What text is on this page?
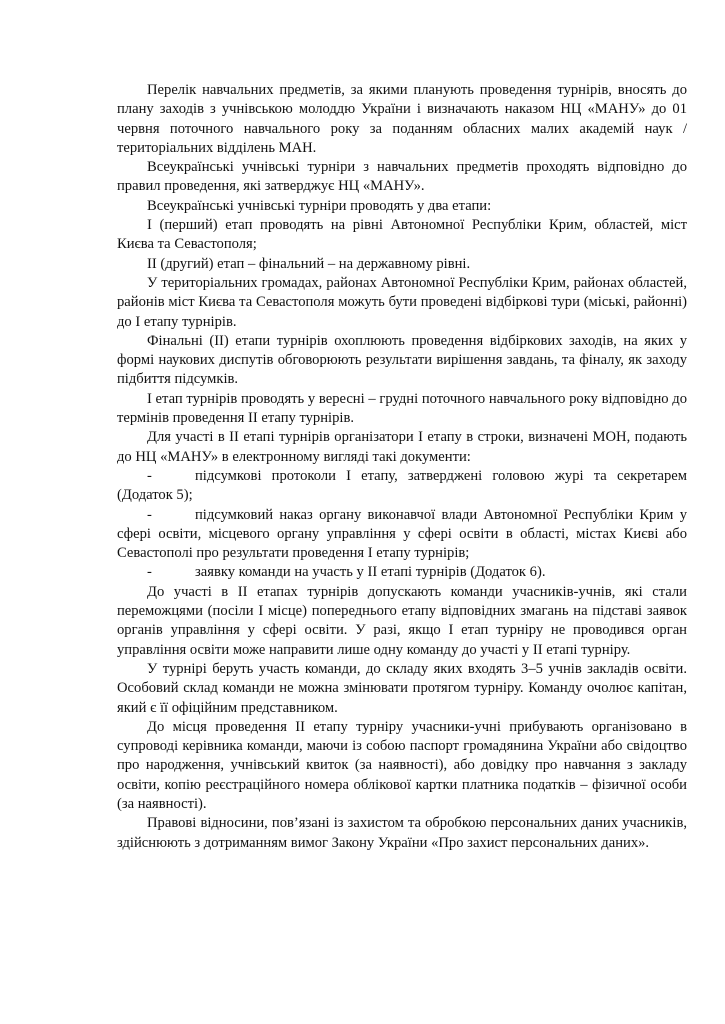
Перелік навчальних предметів, за якими планують проведення турнірів, вносять до плану заходів з учнівською молоддю України і визначають наказом НЦ «МАНУ» до 01 червня поточного навчального року за поданням обласних малих академій наук / територіальних відділень МАН.

Всеукраїнські учнівські турніри з навчальних предметів проходять відповідно до правил проведення, які затверджує НЦ «МАНУ».

Всеукраїнські учнівські турніри проводять у два етапи:

I (перший) етап проводять на рівні Автономної Республіки Крим, областей, міст Києва та Севастополя;

II (другий) етап – фінальний – на державному рівні.

У територіальних громадах, районах Автономної Республіки Крим, районах областей, районів міст Києва та Севастополя можуть бути проведені відбіркові тури (міські, районні) до I етапу турнірів.

Фінальні (II) етапи турнірів охоплюють проведення відбіркових заходів, на яких у формі наукових диспутів обговорюють результати вирішення завдань, та фіналу, як заходу підбиття підсумків.

I етап турнірів проводять у вересні – грудні поточного навчального року відповідно до термінів проведення II етапу турнірів.

Для участі в II етапі турнірів організатори I етапу в строки, визначені МОН, подають до НЦ «МАНУ» в електронному вигляді такі документи:

-	підсумкові протоколи I етапу, затверджені головою журі та секретарем (Додаток 5);

-	підсумковий наказ органу виконавчої влади Автономної Республіки Крим у сфері освіти, місцевого органу управління у сфері освіти в області, містах Києві або Севастополі про результати проведення I етапу турнірів;

-	заявку команди на участь у II етапі турнірів (Додаток 6).

До участі в II етапах турнірів допускають команди учасників-учнів, які стали переможцями (посіли I місце) попереднього етапу відповідних змагань на підставі заявок органів управління у сфері освіти. У разі, якщо I етап турніру не проводився орган управління освіти може направити лише одну команду до участі у II етапі турніру.

У турнірі беруть участь команди, до складу яких входять 3–5 учнів закладів освіти. Особовий склад команди не можна змінювати протягом турніру. Команду очолює капітан, який є її офіційним представником.

До місця проведення II етапу турніру учасники-учні прибувають організовано в супроводі керівника команди, маючи із собою паспорт громадянина України або свідоцтво про народження, учнівський квиток (за наявності), або довідку про навчання з закладу освіти, копію реєстраційного номера облікової картки платника податків – фізичної особи (за наявності).

Правові відносини, пов’язані із захистом та обробкою персональних даних учасників, здійснюють з дотриманням вимог Закону України «Про захист персональних даних».
